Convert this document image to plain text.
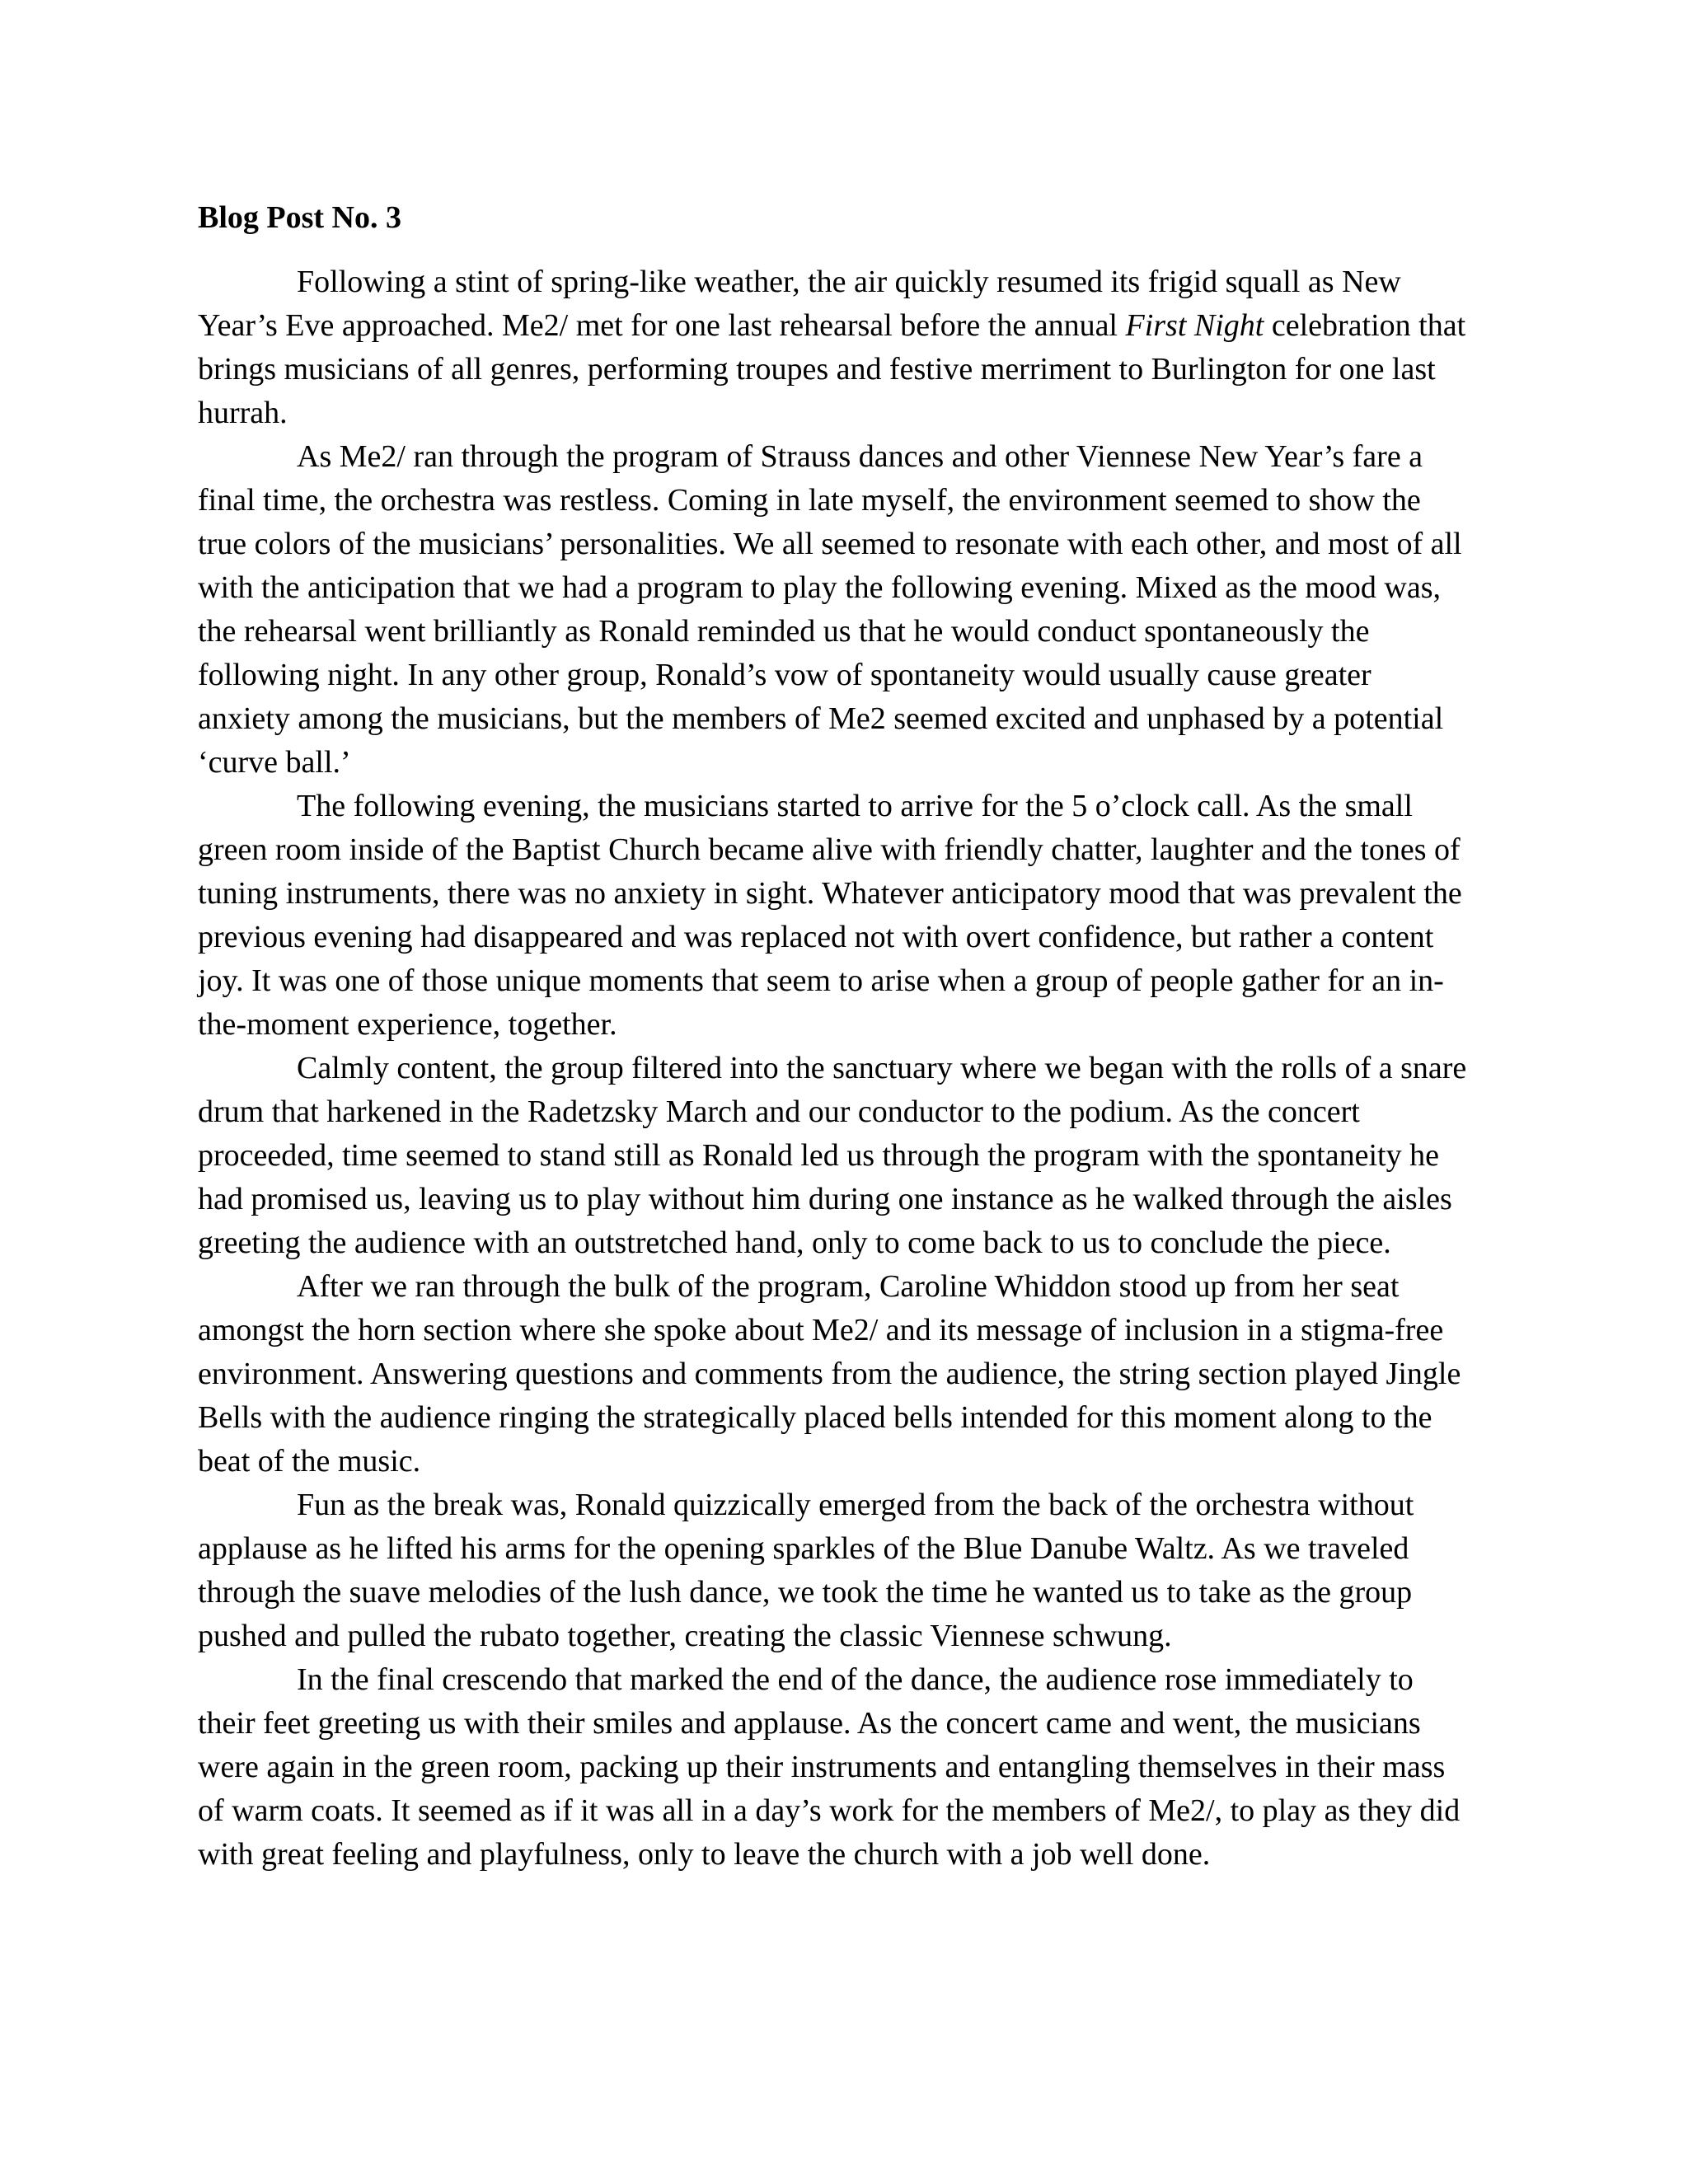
Blog Post No. 3

Following a stint of spring-like weather, the air quickly resumed its frigid squall as New Year’s Eve approached. Me2/ met for one last rehearsal before the annual First Night celebration that brings musicians of all genres, performing troupes and festive merriment to Burlington for one last hurrah.

As Me2/ ran through the program of Strauss dances and other Viennese New Year’s fare a final time, the orchestra was restless. Coming in late myself, the environment seemed to show the true colors of the musicians’ personalities. We all seemed to resonate with each other, and most of all with the anticipation that we had a program to play the following evening. Mixed as the mood was, the rehearsal went brilliantly as Ronald reminded us that he would conduct spontaneously the following night. In any other group, Ronald’s vow of spontaneity would usually cause greater anxiety among the musicians, but the members of Me2 seemed excited and unphased by a potential ‘curve ball.’

The following evening, the musicians started to arrive for the 5 o’clock call. As the small green room inside of the Baptist Church became alive with friendly chatter, laughter and the tones of tuning instruments, there was no anxiety in sight. Whatever anticipatory mood that was prevalent the previous evening had disappeared and was replaced not with overt confidence, but rather a content joy. It was one of those unique moments that seem to arise when a group of people gather for an in-the-moment experience, together.

Calmly content, the group filtered into the sanctuary where we began with the rolls of a snare drum that harkened in the Radetzsky March and our conductor to the podium. As the concert proceeded, time seemed to stand still as Ronald led us through the program with the spontaneity he had promised us, leaving us to play without him during one instance as he walked through the aisles greeting the audience with an outstretched hand, only to come back to us to conclude the piece.

After we ran through the bulk of the program, Caroline Whiddon stood up from her seat amongst the horn section where she spoke about Me2/ and its message of inclusion in a stigma-free environment. Answering questions and comments from the audience, the string section played Jingle Bells with the audience ringing the strategically placed bells intended for this moment along to the beat of the music.

Fun as the break was, Ronald quizzically emerged from the back of the orchestra without applause as he lifted his arms for the opening sparkles of the Blue Danube Waltz. As we traveled through the suave melodies of the lush dance, we took the time he wanted us to take as the group pushed and pulled the rubato together, creating the classic Viennese schwung.

In the final crescendo that marked the end of the dance, the audience rose immediately to their feet greeting us with their smiles and applause. As the concert came and went, the musicians were again in the green room, packing up their instruments and entangling themselves in their mass of warm coats. It seemed as if it was all in a day’s work for the members of Me2/, to play as they did with great feeling and playfulness, only to leave the church with a job well done.
